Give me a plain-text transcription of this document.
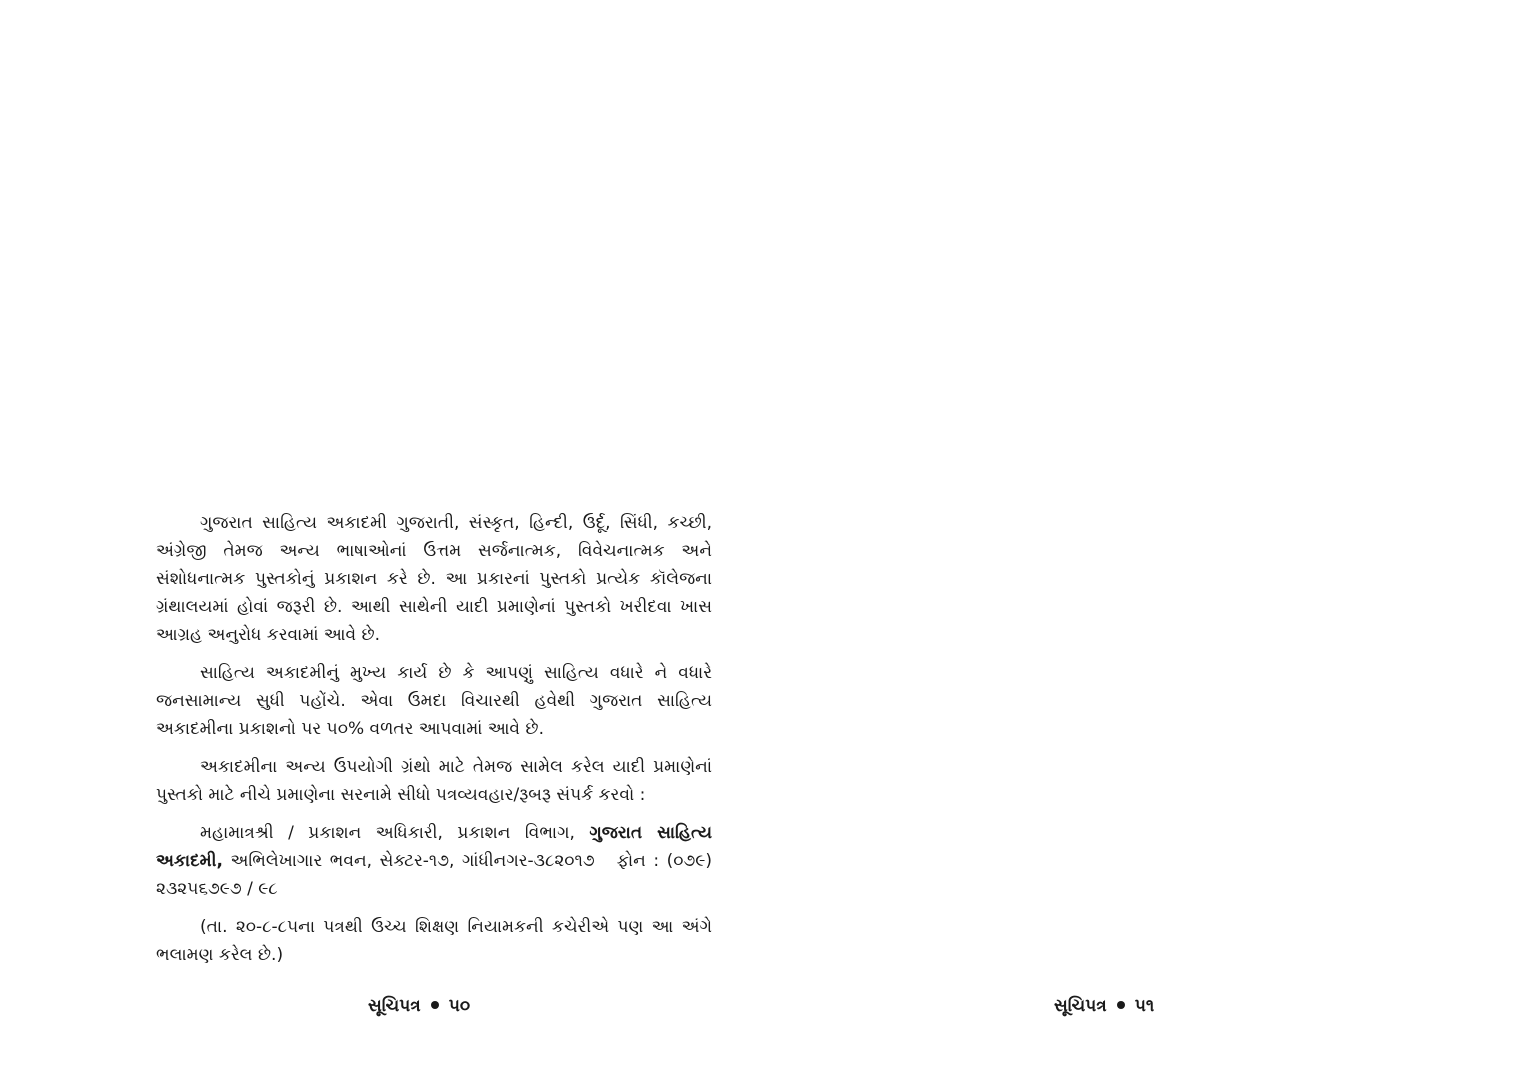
ગુજરાત સાહિત્ય અકાદમી ગુજરાતી, સંસ્કૃત, હિન્દી, ઉર્દૂ, સિંધી, કચ્છી, અંગ્રેજી તેમજ અન્ય ભાષાઓનાં ઉત્તમ સર્જનાત્મક, વિવેચનાત્મક અને સંશોધનાત્મક પુસ્તકોનું પ્રકાશન કરે છે. આ પ્રકારનાં પુસ્તકો પ્રત્યેક કૉલેજના ગ્રંથાલયમાં હોવાં જરૂરી છે. આથી સાથેની યાદી પ્રમાણેનાં પુસ્તકો ખરીદવા ખાસ આગ્રહ અનુરોધ કરવામાં આવે છે.

સાહિત્ય અકાદમીનું મુખ્ય કાર્ય છે કે આપણું સાહિત્ય વધારે ને વધારે જનસામાન્ય સુધી પહોંચે. એવા ઉમદા વિચારથી હવેથી ગુજરાત સાહિત્ય અકાદમીના પ્રકાશનો પર ૫૦% વળતર આપવામાં આવે છે.

અકાદમીના અન્ય ઉપયોગી ગ્રંથો માટે તેમજ સામેલ કરેલ યાદી પ્રમાણેનાં પુસ્તકો માટે નીચે પ્રમાણેના સરનામે સીધો પત્રવ્યવહાર/રૂબરૂ સંપર્ક કરવો :

મહામાત્રશ્રી / પ્રકાશન અધિકારી, પ્રકાશન વિભાગ, ગુજરાત સાહિત્ય અકાદમી, અભિલેખાગાર ભવન, સેક્ટર-૧૭, ગાંધીનગર-૩૮૨૦૧૭ ફોન : (૦૭૯) ૨૩૨૫૬૭૯૭ / ૯૮

(તા. ૨૦-૮-૮૫ના પત્રથી ઉચ્ચ શિક્ષણ નિયામકની કચેરીએ પણ આ અંગે ભલામણ કરેલ છે.)

સૂચિપત્ર ૫૦	સૂચિપત્ર ૫૧
